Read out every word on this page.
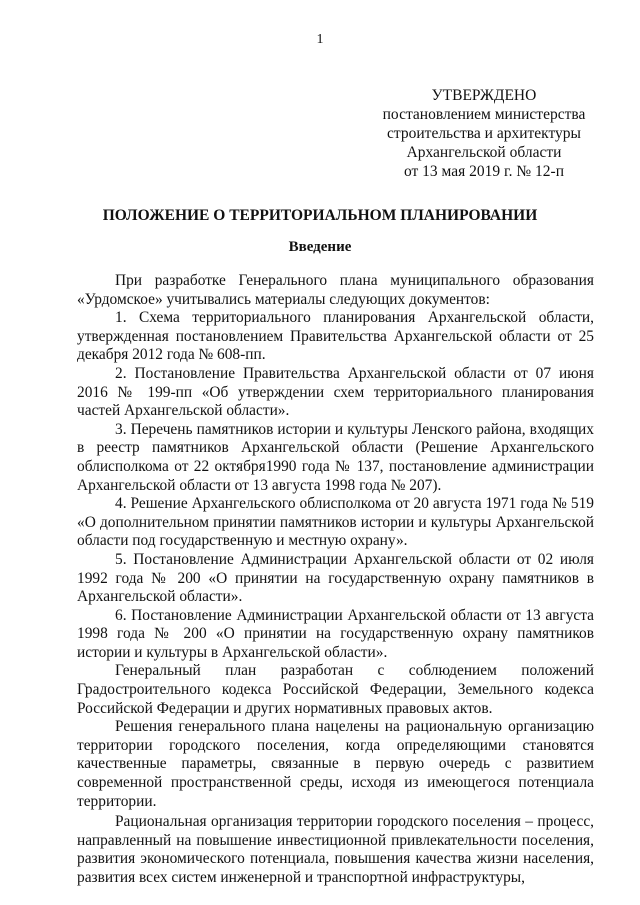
1
УТВЕРЖДЕНО
постановлением министерства
строительства и архитектуры
Архангельской области
от 13 мая 2019 г. № 12-п
ПОЛОЖЕНИЕ О ТЕРРИТОРИАЛЬНОМ ПЛАНИРОВАНИИ
Введение

При разработке Генерального плана муниципального образования «Урдомское» учитывались материалы следующих документов:

1. Схема территориального планирования Архангельской области, утвержденная постановлением Правительства Архангельской области от 25 декабря 2012 года № 608-пп.

2. Постановление Правительства Архангельской области от 07 июня 2016 № 199-пп «Об утверждении схем территориального планирования частей Архангельской области».

3. Перечень памятников истории и культуры Ленского района, входящих в реестр памятников Архангельской области (Решение Архангельского облисполкома от 22 октября1990 года № 137, постановление администрации Архангельской области от 13 августа 1998 года № 207).

4. Решение Архангельского облисполкома от 20 августа 1971 года № 519 «О дополнительном принятии памятников истории и культуры Архангельской области под государственную и местную охрану».

5. Постановление Администрации Архангельской области от 02 июля 1992 года № 200 «О принятии на государственную охрану памятников в Архангельской области».

6. Постановление Администрации Архангельской области от 13 августа 1998 года № 200 «О принятии на государственную охрану памятников истории и культуры в Архангельской области».

Генеральный план разработан с соблюдением положений Градостроительного кодекса Российской Федерации, Земельного кодекса Российской Федерации и других нормативных правовых актов.

Решения генерального плана нацелены на рациональную организацию территории городского поселения, когда определяющими становятся качественные параметры, связанные в первую очередь с развитием современной пространственной среды, исходя из имеющегося потенциала территории.

Рациональная организация территории городского поселения – процесс, направленный на повышение инвестиционной привлекательности поселения, развития экономического потенциала, повышения качества жизни населения, развития всех систем инженерной и транспортной инфраструктуры,
